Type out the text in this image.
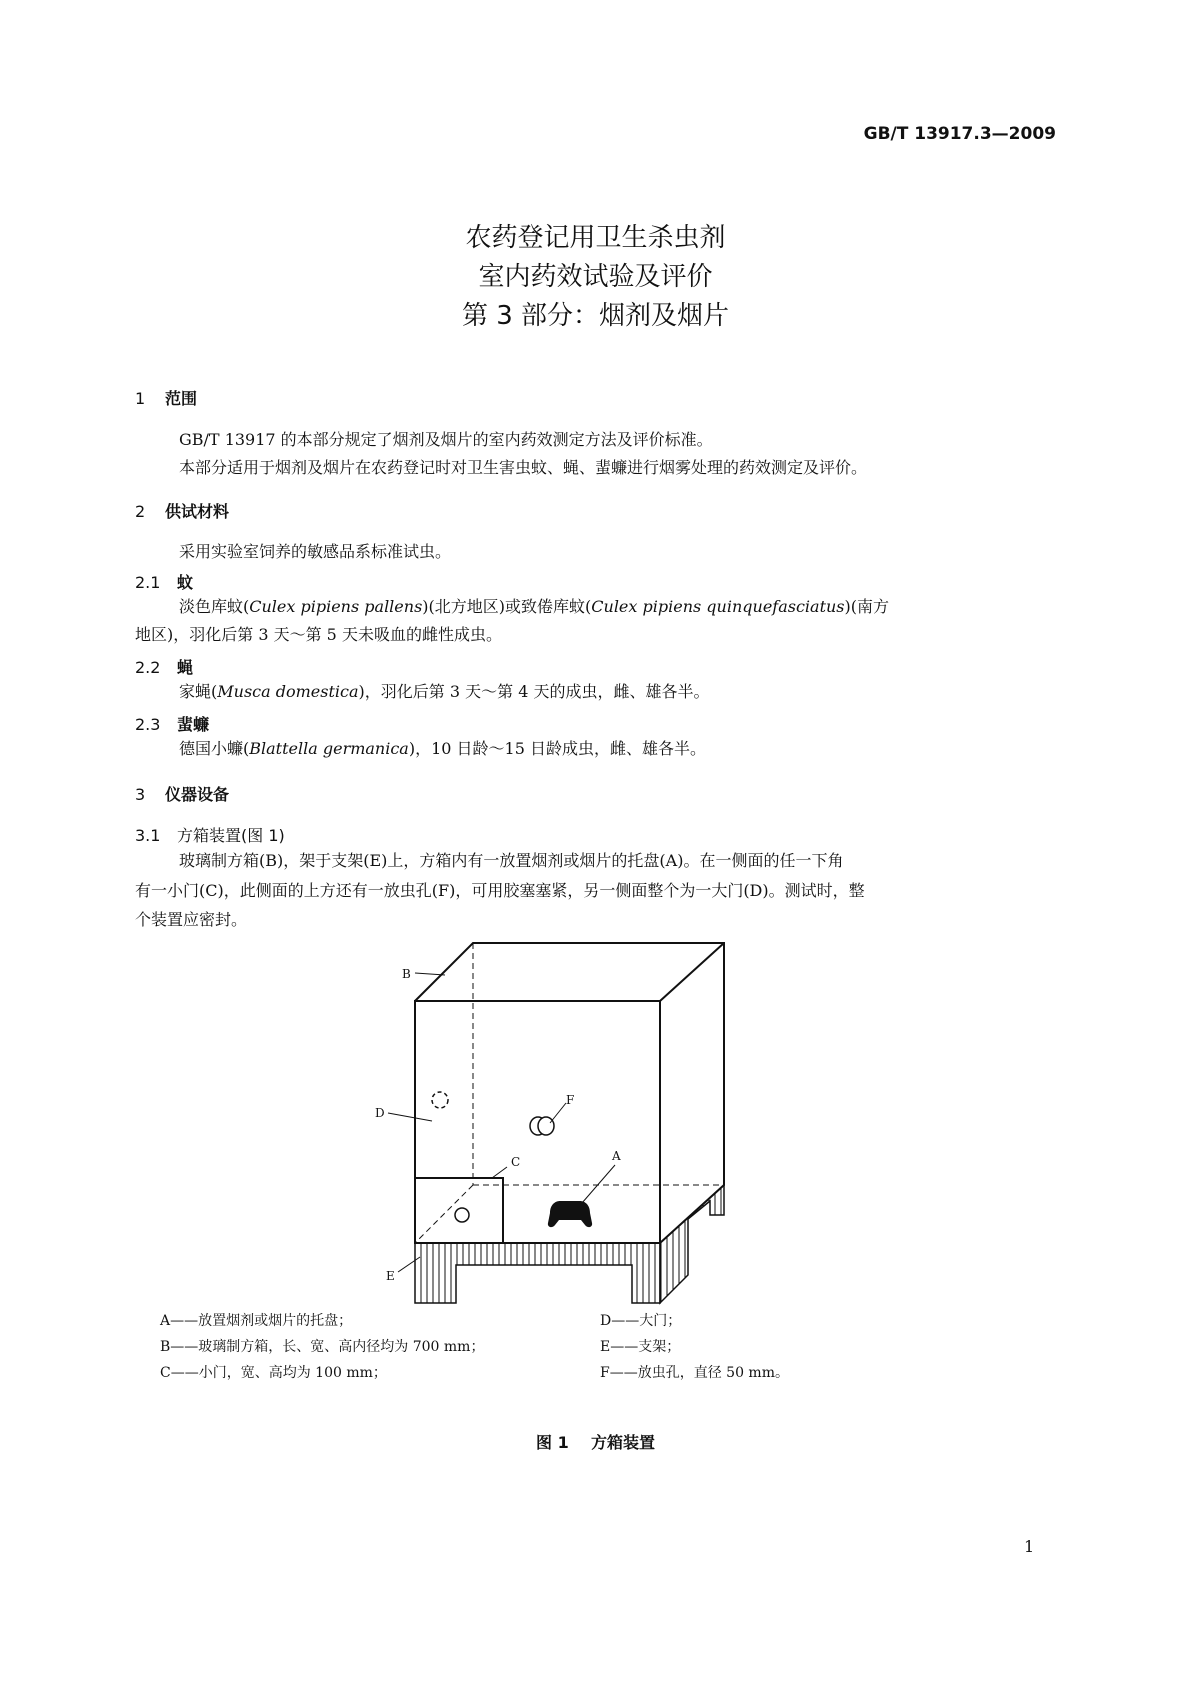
GB/T 13917.3—2009
农药登记用卫生杀虫剂
室内药效试验及评价
第 3 部分：烟剂及烟片
1 范围
GB/T 13917 的本部分规定了烟剂及烟片的室内药效测定方法及评价标准。
本部分适用于烟剂及烟片在农药登记时对卫生害虫蚊、蝇、蜚蠊进行烟雾处理的药效测定及评价。
2 供试材料
采用实验室饲养的敏感品系标准试虫。
2.1 蚊
淡色库蚊(Culex pipiens pallens)(北方地区)或致倦库蚊(Culex pipiens quinquefasciatus)(南方
地区)，羽化后第 3 天～第 5 天未吸血的雌性成虫。
2.2 蝇
家蝇(Musca domestica)，羽化后第 3 天～第 4 天的成虫，雌、雄各半。
2.3 蜚蠊
德国小蠊(Blattella germanica)，10 日龄～15 日龄成虫，雌、雄各半。
3 仪器设备
3.1 方箱装置(图 1)
玻璃制方箱(B)，架于支架(E)上，方箱内有一放置烟剂或烟片的托盘(A)。在一侧面的任一下角
有一小门(C)，此侧面的上方还有一放虫孔(F)，可用胶塞塞紧，另一侧面整个为一大门(D)。测试时，整
个装置应密封。
B
D
F
C	A
E
A——放置烟剂或烟片的托盘；
B——玻璃制方箱，长、宽、高内径均为 700 mm；
C——小门，宽、高均为 100 mm；
D——大门；
E——支架；
F——放虫孔，直径 50 mm。
图 1    方箱装置
1
